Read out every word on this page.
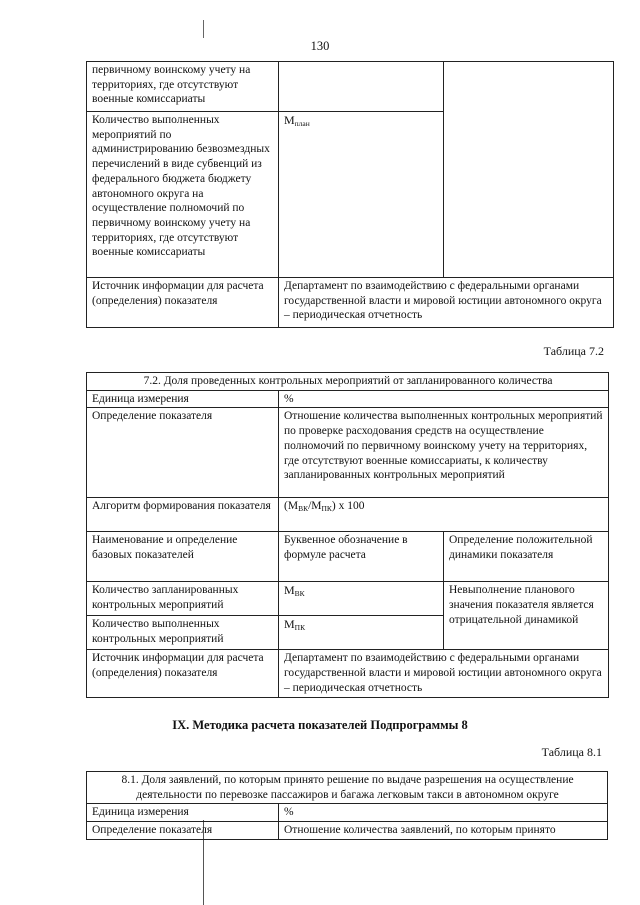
130
первичному воинскому учету на территориях, где отсутствуют военные комиссариаты		
Количество выполненных мероприятий по администрированию безвозмездных перечислений в виде субвенций из федерального бюджета бюджету автономного округа на осуществление полномочий по первичному воинскому учету на территориях, где отсутствуют военные комиссариаты	$М_{план}$
Источник информации для расчета (определения) показателя	Департамент по взаимодействию с федеральными органами государственной власти и мировой юстиции автономного округа – периодическая отчетность	
Таблица 7.2
7.2. Доля проведенных контрольных мероприятий от запланированного количества		
Единица измерения	%	
Определение показателя	Отношение количества выполненных контрольных мероприятий по проверке расходования средств на осуществление полномочий по первичному воинскому учету на территориях, где отсутствуют военные комиссариаты, к количеству запланированных контрольных мероприятий	
Алгоритм формирования показателя	$(М_{ВК}/М_{ПК})$ х 100	
Наименование и определение базовых показателей	Буквенное обозначение в формуле расчета	Определение положительной динамики показателя
Количество запланированных контрольных мероприятий	$М_{ВК}$	Невыполнение планового значения показателя является отрицательной динамикой
Количество выполненных контрольных мероприятий	$М_{ПК}$
Источник информации для расчета (определения) показателя	Департамент по взаимодействию с федеральными органами государственной власти и мировой юстиции автономного округа – периодическая отчетность	
IX. Методика расчета показателей Подпрограммы 8
Таблица 8.1
8.1. Доля заявлений, по которым принято решение по выдаче разрешения на осуществление деятельности по перевозке пассажиров и багажа легковым такси в автономном округе	
Единица измерения	%
Определение показателя	Отношение количества заявлений, по которым принято
